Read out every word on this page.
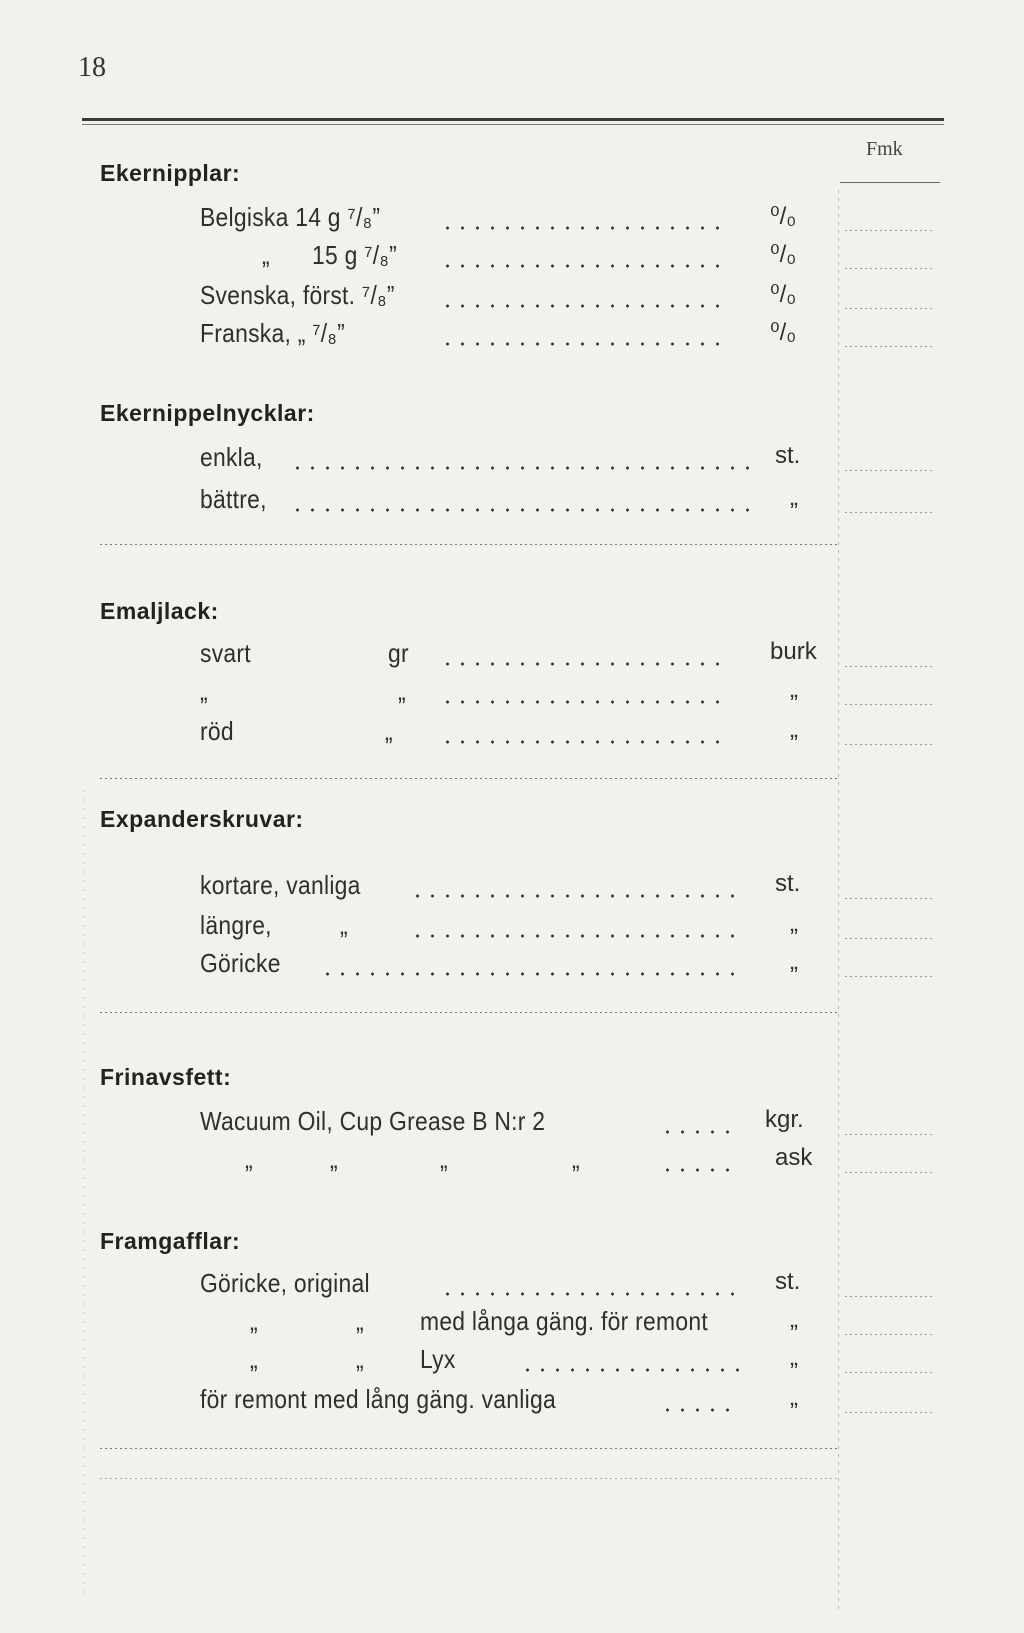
18
Fmk
Ekernipplar:
Belgiska 14 g ⁷/₈”	⁰/₀
„ 15 g ⁷/₈”	⁰/₀
Svenska, först. ⁷/₈”	⁰/₀
Franska, „ ⁷/₈”	⁰/₀
Ekernippelnycklar:
enkla,	st.
bättre,	„
Emaljlack:
svart	gr	burk
„	„	„
röd	„	„
Expanderskruvar:
kortare, vanliga	st.
längre,	„	„
Göricke	„
Frinavsfett:
Wacuum Oil, Cup Grease B N:r 2	kgr.
„	„	„	„	ask
Framgafflar:
Göricke, original	st.
„	„ med långa gäng. för remont	„
„	„ Lyx	„
för remont med lång gäng. vanliga	„
